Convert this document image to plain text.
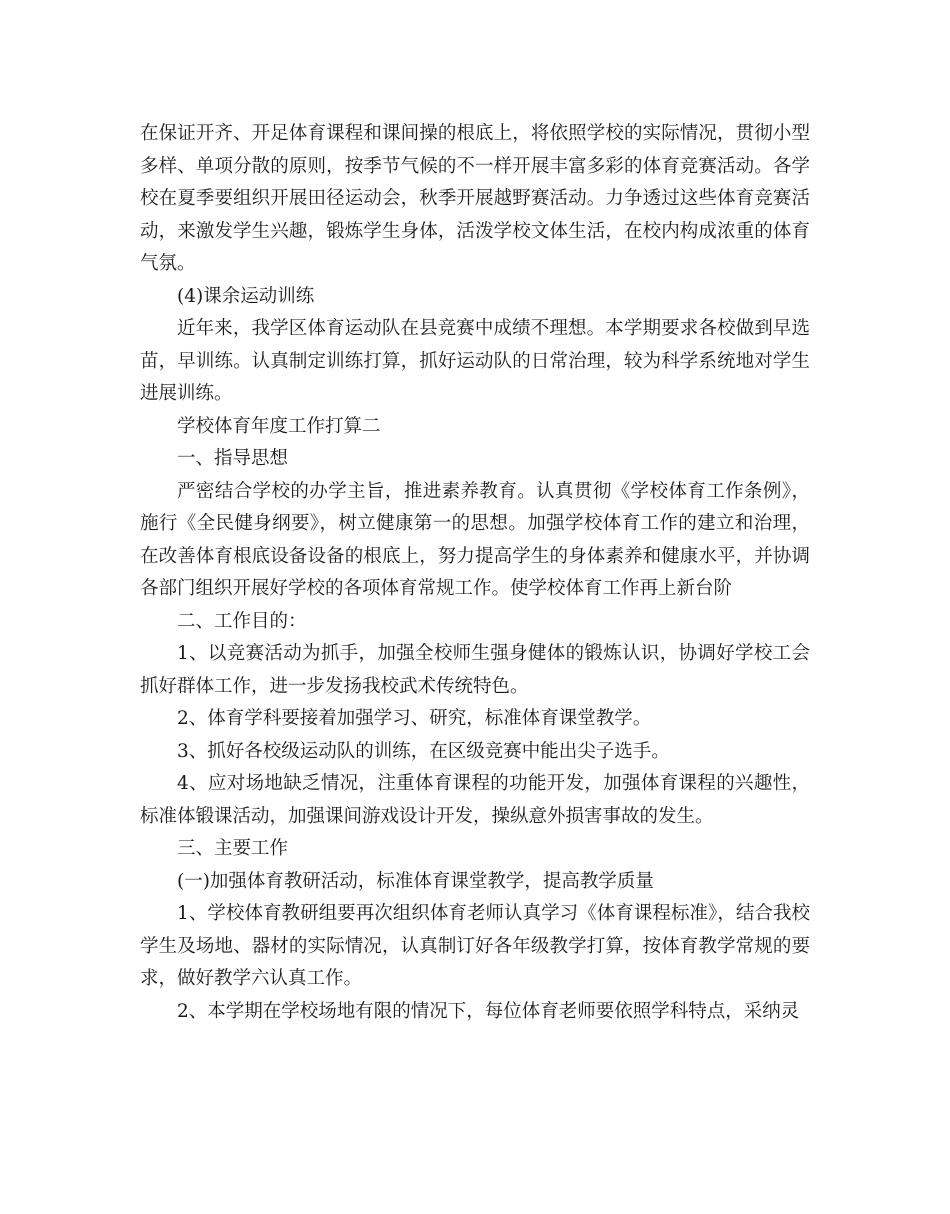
在保证开齐、开足体育课程和课间操的根底上，将依照学校的实际情况，贯彻小型多样、单项分散的原则，按季节气候的不一样开展丰富多彩的体育竞赛活动。各学校在夏季要组织开展田径运动会，秋季开展越野赛活动。力争透过这些体育竞赛活动，来激发学生兴趣，锻炼学生身体，活泼学校文体生活，在校内构成浓重的体育气氛。

(4)课余运动训练

近年来，我学区体育运动队在县竞赛中成绩不理想。本学期要求各校做到早选苗，早训练。认真制定训练打算，抓好运动队的日常治理，较为科学系统地对学生进展训练。

学校体育年度工作打算二

一、指导思想

严密结合学校的办学主旨，推进素养教育。认真贯彻《学校体育工作条例》，施行《全民健身纲要》，树立健康第一的思想。加强学校体育工作的建立和治理，在改善体育根底设备设备的根底上，努力提高学生的身体素养和健康水平，并协调各部门组织开展好学校的各项体育常规工作。使学校体育工作再上新台阶

二、工作目的：

1、以竞赛活动为抓手，加强全校师生强身健体的锻炼认识，协调好学校工会抓好群体工作，进一步发扬我校武术传统特色。

2、体育学科要接着加强学习、研究，标准体育课堂教学。

3、抓好各校级运动队的训练，在区级竞赛中能出尖子选手。

4、应对场地缺乏情况，注重体育课程的功能开发，加强体育课程的兴趣性，标准体锻课活动，加强课间游戏设计开发，操纵意外损害事故的发生。

三、主要工作

(一)加强体育教研活动，标准体育课堂教学，提高教学质量

1、学校体育教研组要再次组织体育老师认真学习《体育课程标准》，结合我校学生及场地、器材的实际情况，认真制订好各年级教学打算，按体育教学常规的要求，做好教学六认真工作。

2、本学期在学校场地有限的情况下，每位体育老师要依照学科特点，采纳灵
